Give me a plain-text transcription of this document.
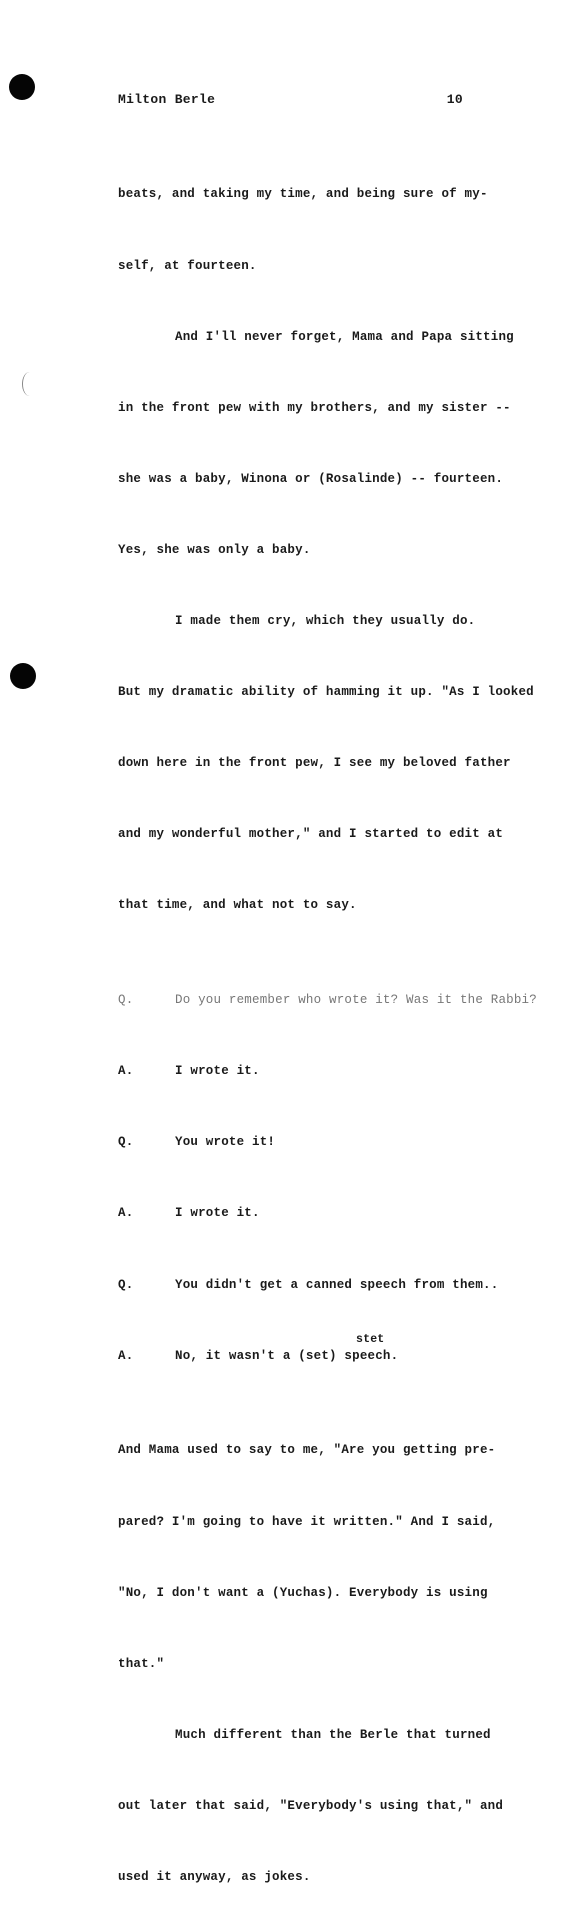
Milton Berle	10

beats, and taking my time, and being sure of my-

self, at fourteen.

And I'll never forget, Mama and Papa sitting

in the front pew with my brothers, and my sister --

she was a baby, Winona or (Rosalinde) -- fourteen.

Yes, she was only a baby.

I made them cry, which they usually do.

But my dramatic ability of hamming it up. "As I looked

down here in the front pew, I see my beloved father

and my wonderful mother," and I started to edit at

that time, and what not to say.

Q.	Do you remember who wrote it? Was it the Rabbi?

A.	I wrote it.

Q.	You wrote it!

A.	I wrote it.

Q.	You didn't get a canned speech from them..

stet
A.	No, it wasn't a (set) speech.

And Mama used to say to me, "Are you getting pre-

pared? I'm going to have it written." And I said,

"No, I don't want a (Yuchas). Everybody is using

that."

Much different than the Berle that turned

out later that said, "Everybody's using that," and

used it anyway, as jokes.
